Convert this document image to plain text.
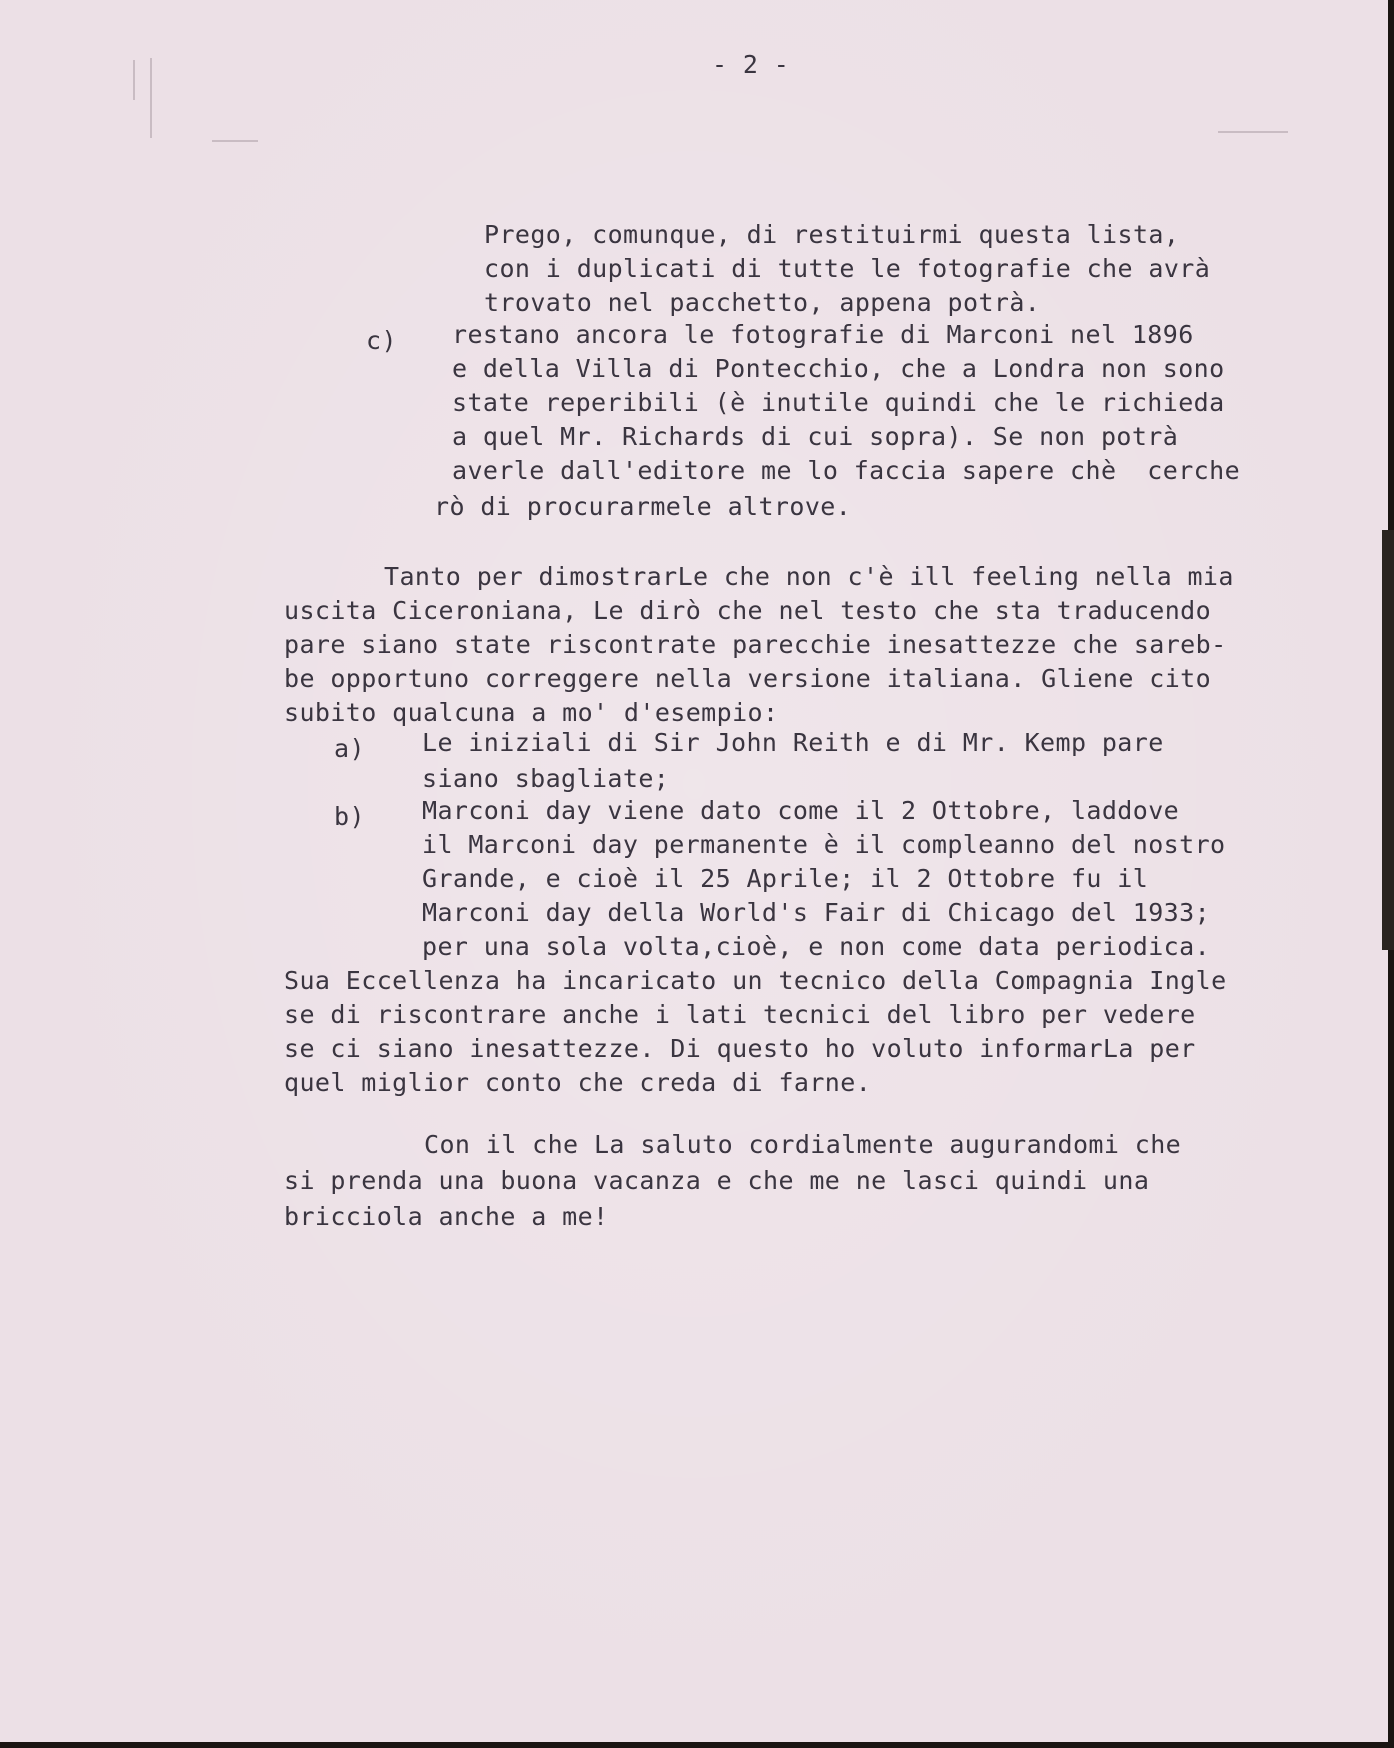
- 2 -
Prego, comunque, di restituirmi questa lista,
con i duplicati di tutte le fotografie che avrà
trovato nel pacchetto, appena potrà.
c) restano ancora le fotografie di Marconi nel 1896
e della Villa di Pontecchio, che a Londra non sono
state reperibili (è inutile quindi che le richieda
a quel Mr. Richards di cui sopra). Se non potrà
averle dall'editore me lo faccia sapere chè  cerche
rò di procurarmele altrove.
Tanto per dimostrarLe che non c'è ill feeling nella mia
uscita Ciceroniana, Le dirò che nel testo che sta traducendo
pare siano state riscontrate parecchie inesattezze che sareb-
be opportuno correggere nella versione italiana. Gliene cito
subito qualcuna a mo' d'esempio:
a) Le iniziali di Sir John Reith e di Mr. Kemp pare
siano sbagliate;
b) Marconi day viene dato come il 2 Ottobre, laddove
il Marconi day permanente è il compleanno del nostro
Grande, e cioè il 25 Aprile; il 2 Ottobre fu il
Marconi day della World's Fair di Chicago del 1933;
per una sola volta,cioè, e non come data periodica.
Sua Eccellenza ha incaricato un tecnico della Compagnia Ingle
se di riscontrare anche i lati tecnici del libro per vedere
se ci siano inesattezze. Di questo ho voluto informarLa per
quel miglior conto che creda di farne.
Con il che La saluto cordialmente augurandomi che
si prenda una buona vacanza e che me ne lasci quindi una
bricciola anche a me!
